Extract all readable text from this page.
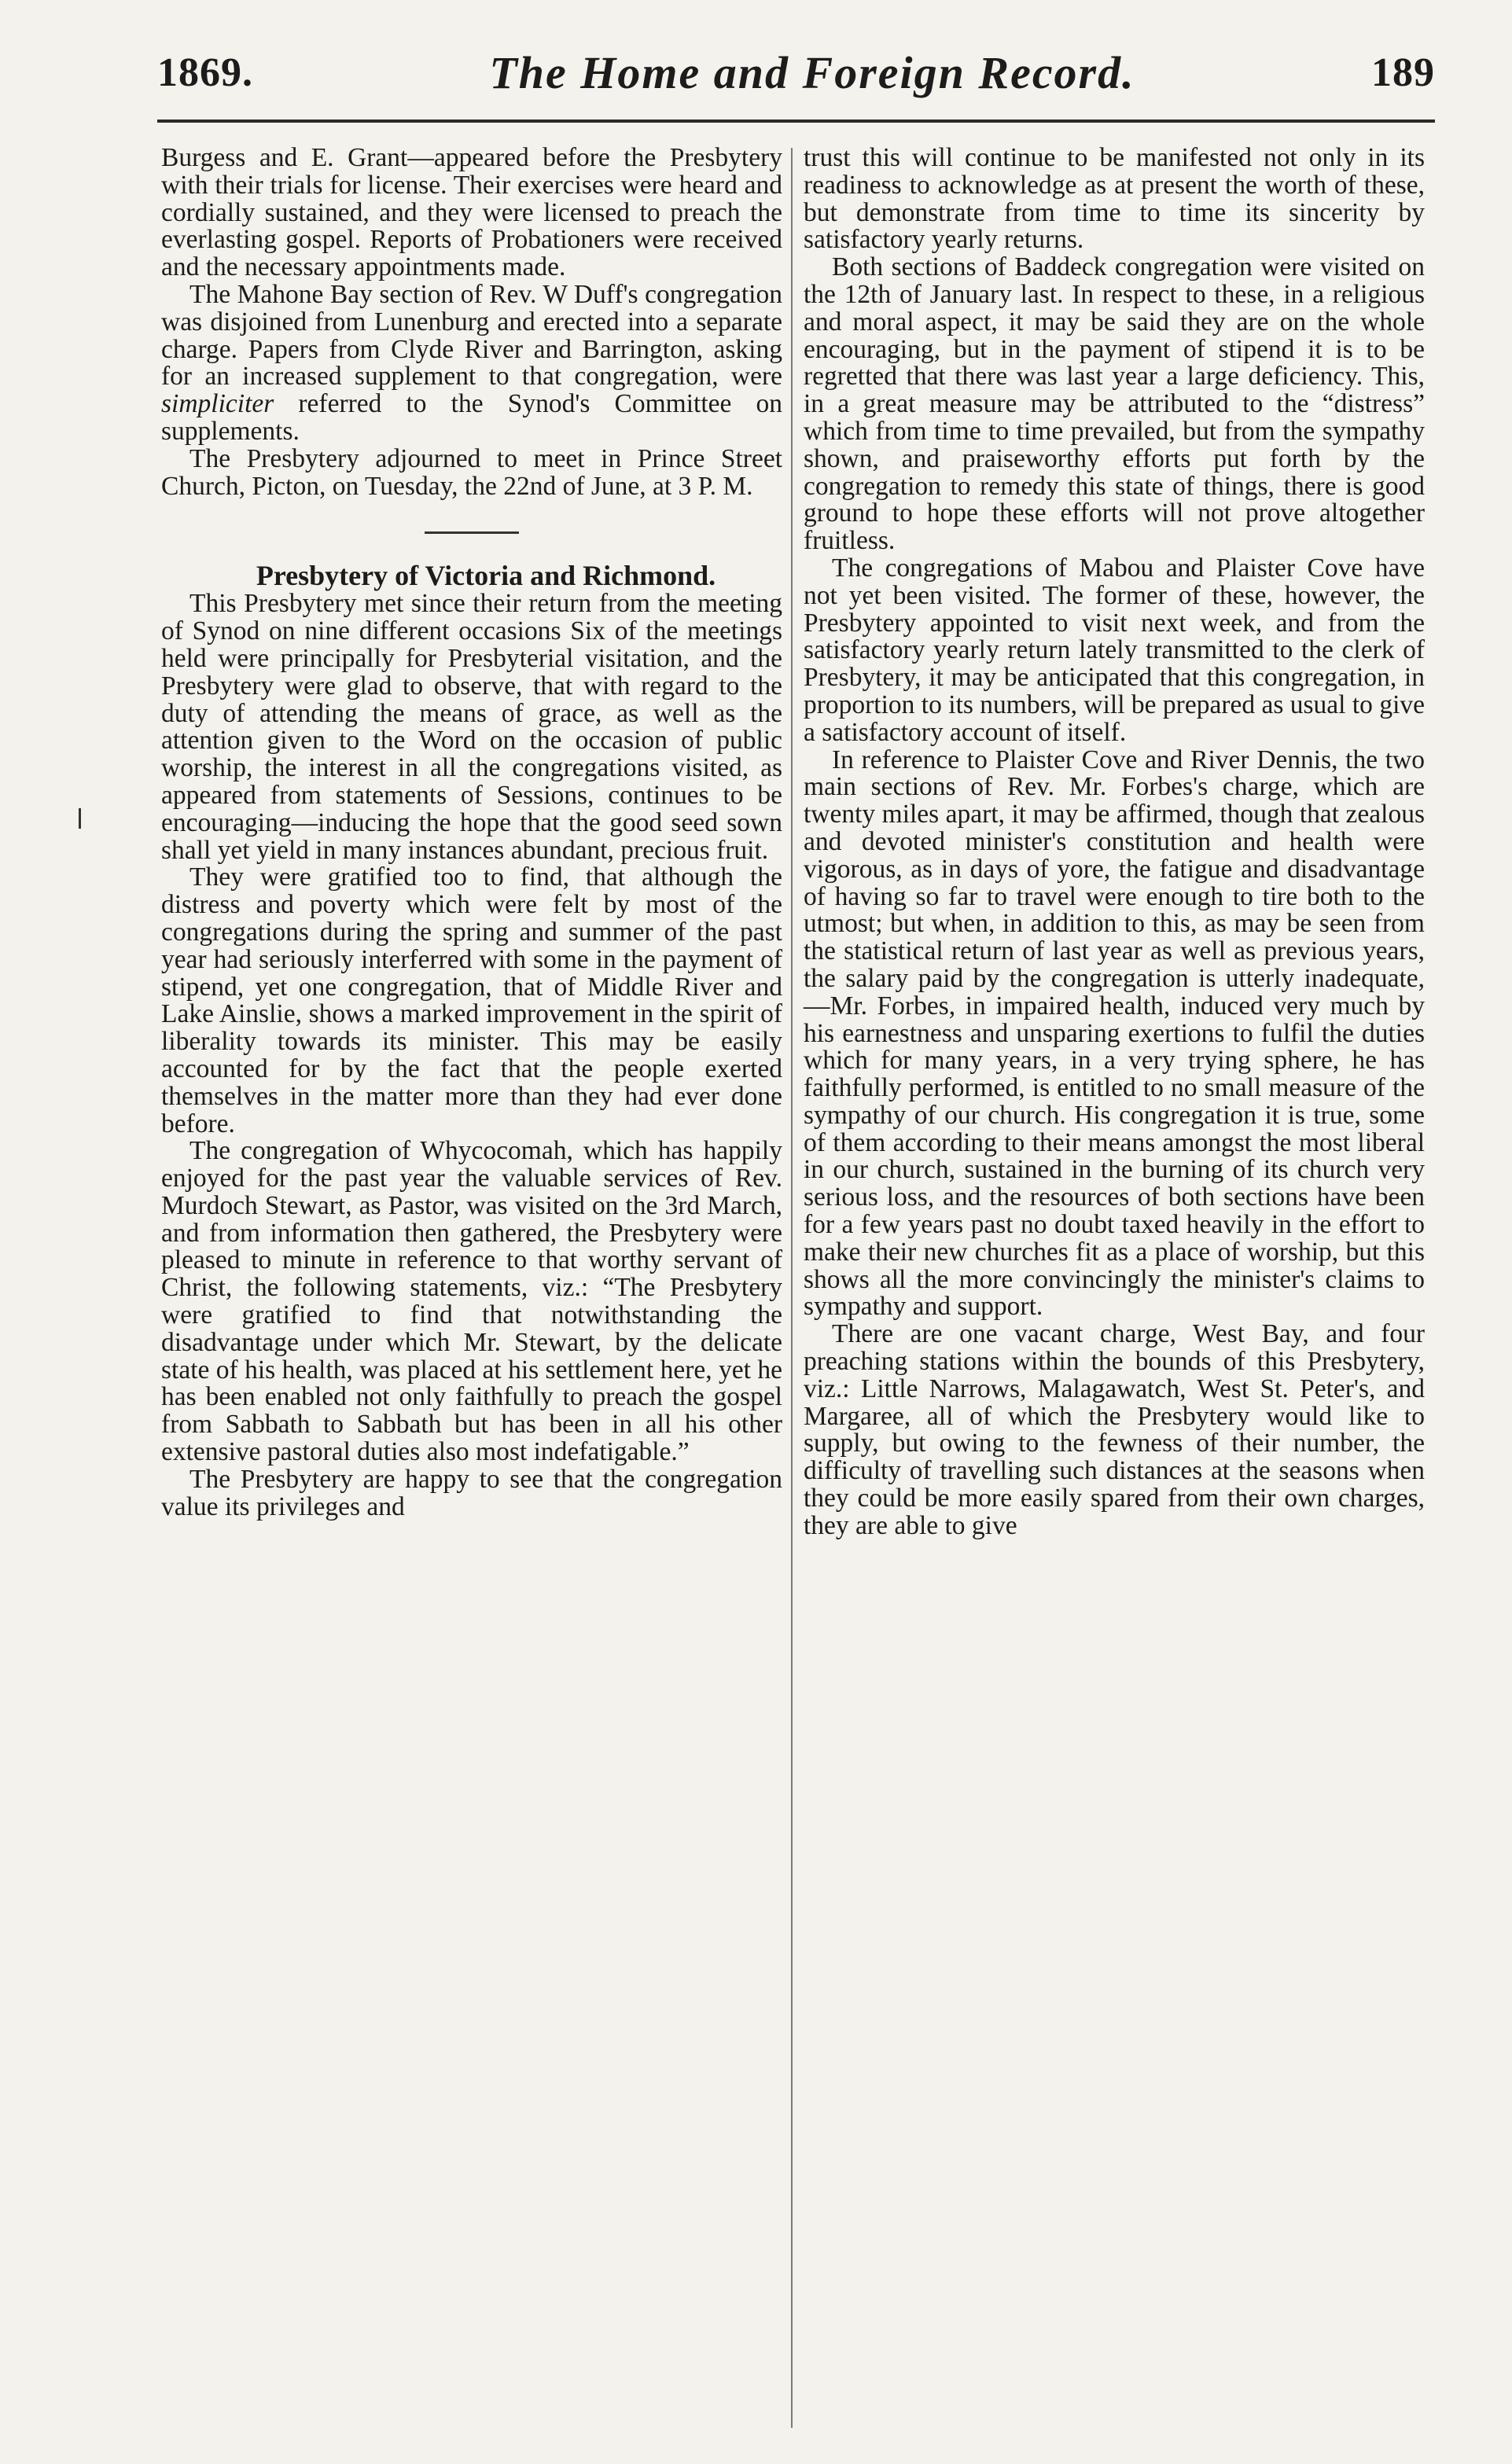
1869.	The Home and Foreign Record.	189

Burgess and E. Grant—appeared before the Presbytery with their trials for license. Their exercises were heard and cordially sustained, and they were licensed to preach the everlasting gospel. Reports of Probationers were received and the necessary appointments made.

The Mahone Bay section of Rev. W Duff's congregation was disjoined from Lunenburg and erected into a separate charge. Papers from Clyde River and Barrington, asking for an increased supplement to that congregation, were simpliciter referred to the Synod's Committee on supplements.

The Presbytery adjourned to meet in Prince Street Church, Picton, on Tuesday, the 22nd of June, at 3 P. M.

Presbytery of Victoria and Richmond.

This Presbytery met since their return from the meeting of Synod on nine different occasions Six of the meetings held were principally for Presbyterial visitation, and the Presbytery were glad to observe, that with regard to the duty of attending the means of grace, as well as the attention given to the Word on the occasion of public worship, the interest in all the congregations visited, as appeared from statements of Sessions, continues to be encouraging—inducing the hope that the good seed sown shall yet yield in many instances abundant, precious fruit.

They were gratified too to find, that although the distress and poverty which were felt by most of the congregations during the spring and summer of the past year had seriously interferred with some in the payment of stipend, yet one congregation, that of Middle River and Lake Ainslie, shows a marked improvement in the spirit of liberality towards its minister. This may be easily accounted for by the fact that the people exerted themselves in the matter more than they had ever done before.

The congregation of Whycocomah, which has happily enjoyed for the past year the valuable services of Rev. Murdoch Stewart, as Pastor, was visited on the 3rd March, and from information then gathered, the Presbytery were pleased to minute in reference to that worthy servant of Christ, the following statements, viz.: “The Presbytery were gratified to find that notwithstanding the disadvantage under which Mr. Stewart, by the delicate state of his health, was placed at his settlement here, yet he has been enabled not only faithfully to preach the gospel from Sabbath to Sabbath but has been in all his other extensive pastoral duties also most indefatigable.”

The Presbytery are happy to see that the congregation value its privileges and

trust this will continue to be manifested not only in its readiness to acknowledge as at present the worth of these, but demonstrate from time to time its sincerity by satisfactory yearly returns.

Both sections of Baddeck congregation were visited on the 12th of January last. In respect to these, in a religious and moral aspect, it may be said they are on the whole encouraging, but in the payment of stipend it is to be regretted that there was last year a large deficiency. This, in a great measure may be attributed to the “distress” which from time to time prevailed, but from the sympathy shown, and praiseworthy efforts put forth by the congregation to remedy this state of things, there is good ground to hope these efforts will not prove altogether fruitless.

The congregations of Mabou and Plaister Cove have not yet been visited. The former of these, however, the Presbytery appointed to visit next week, and from the satisfactory yearly return lately transmitted to the clerk of Presbytery, it may be anticipated that this congregation, in proportion to its numbers, will be prepared as usual to give a satisfactory account of itself.

In reference to Plaister Cove and River Dennis, the two main sections of Rev. Mr. Forbes's charge, which are twenty miles apart, it may be affirmed, though that zealous and devoted minister's constitution and health were vigorous, as in days of yore, the fatigue and disadvantage of having so far to travel were enough to tire both to the utmost; but when, in addition to this, as may be seen from the statistical return of last year as well as previous years, the salary paid by the congregation is utterly inadequate,—Mr. Forbes, in impaired health, induced very much by his earnestness and unsparing exertions to fulfil the duties which for many years, in a very trying sphere, he has faithfully performed, is entitled to no small measure of the sympathy of our church. His congregation it is true, some of them according to their means amongst the most liberal in our church, sustained in the burning of its church very serious loss, and the resources of both sections have been for a few years past no doubt taxed heavily in the effort to make their new churches fit as a place of worship, but this shows all the more convincingly the minister's claims to sympathy and support.

There are one vacant charge, West Bay, and four preaching stations within the bounds of this Presbytery, viz.: Little Narrows, Malagawatch, West St. Peter's, and Margaree, all of which the Presbytery would like to supply, but owing to the fewness of their number, the difficulty of travelling such distances at the seasons when they could be more easily spared from their own charges, they are able to give
